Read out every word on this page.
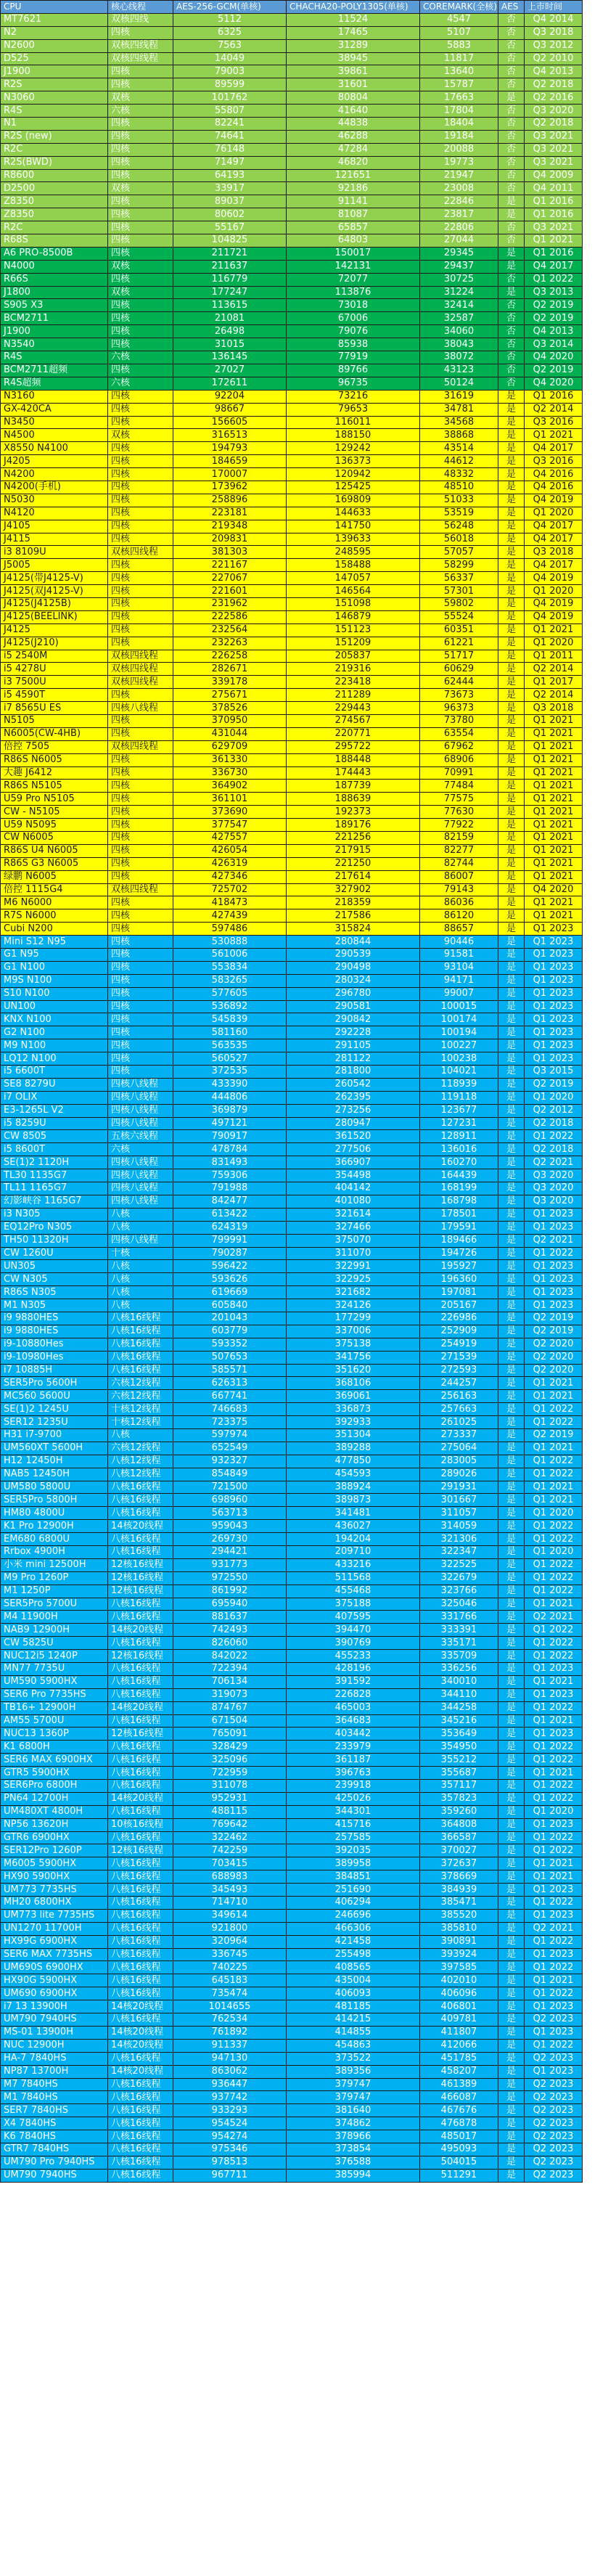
CPU	核心线程	AES-256-GCM(单核)	CHACHA20-POLY1305(单核)	COREMARK(全核)	AES	上市时间
MT7621	双核四线	5112	11524	4547	否	Q4 2014
N2	四核	6325	17465	5107	否	Q3 2018
N2600	双核四线程	7563	31289	5883	否	Q3 2012
D525	双核四线程	14049	38945	11817	否	Q2 2010
J1900	四核	79003	39861	13640	否	Q4 2013
R2S	四核	89599	31601	15787	否	Q2 2018
N3060	双核	101762	80804	17663	是	Q2 2016
R4S	六核	55807	41640	17804	否	Q3 2020
N1	四核	82241	44838	18404	否	Q2 2018
R2S (new)	四核	74641	46288	19184	否	Q3 2021
R2C	四核	76148	47284	20088	否	Q3 2021
R2S(BWD)	四核	71497	46820	19773	否	Q3 2021
R8600	四核	64193	121651	21947	否	Q4 2009
D2500	双核	33917	92186	23008	否	Q4 2011
Z8350	四核	89037	91141	22846	是	Q1 2016
Z8350	四核	80602	81087	23817	是	Q1 2016
R2C	四核	55167	65857	22806	否	Q3 2021
R68S	四核	104825	64803	27044	否	Q1 2021
A6 PRO-8500B	四核	211721	150017	29345	是	Q1 2016
N4000	双核	211637	142131	29437	是	Q4 2017
R66S	四核	116779	72077	30725	否	Q1 2022
J1800	双核	177247	113876	31224	是	Q3 2013
S905 X3	四核	113615	73018	32414	否	Q2 2019
BCM2711	四核	21081	67006	32587	否	Q2 2019
J1900	四核	26498	79076	34060	否	Q4 2013
N3540	四核	31015	85938	38043	否	Q3 2014
R4S	六核	136145	77919	38072	否	Q4 2020
BCM2711超频	四核	27027	89766	43123	否	Q2 2019
R4S超频	六核	172611	96735	50124	否	Q4 2020
N3160	四核	92204	73216	31619	是	Q1 2016
GX-420CA	四核	98667	79653	34781	是	Q2 2014
N3450	四核	156605	116011	34568	是	Q3 2016
N4500	双核	316513	188150	38868	是	Q1 2021
X8550 N4100	四核	194793	129242	43514	是	Q4 2017
J4205	四核	184659	136373	44612	是	Q3 2016
N4200	四核	170007	120942	48332	是	Q4 2016
N4200(手机)	四核	173962	125425	48510	是	Q4 2016
N5030	四核	258896	169809	51033	是	Q4 2019
N4120	四核	223181	144633	53519	是	Q1 2020
J4105	四核	219348	141750	56248	是	Q4 2017
J4115	四核	209831	139633	56018	是	Q4 2017
i3 8109U	双核四线程	381303	248595	57057	是	Q3 2018
J5005	四核	221167	158488	58299	是	Q4 2017
J4125(带J4125-V)	四核	227067	147057	56337	是	Q4 2019
J4125(双J4125-V)	四核	221601	146564	57301	是	Q1 2020
J4125(J4125B)	四核	231962	151098	59802	是	Q4 2019
J4125(BEELINK)	四核	222586	146879	55524	是	Q4 2019
J4125	四核	232564	151123	60351	是	Q1 2021
J4125(J210)	四核	232263	151209	61221	是	Q1 2020
i5 2540M	双核四线程	226258	205837	51717	是	Q1 2011
i5 4278U	双核四线程	282671	219316	60629	是	Q2 2014
i3 7500U	双核四线程	339178	223418	62444	是	Q1 2017
i5 4590T	四核	275671	211289	73673	是	Q2 2014
i7 8565U ES	四核八线程	378526	229443	96373	是	Q3 2018
N5105	四核	370950	274567	73780	是	Q1 2021
N6005(CW-4HB)	四核	431044	220771	63554	是	Q1 2021
倍控 7505	双核四线程	629709	295722	67962	是	Q1 2021
R86S N6005	四核	361330	188448	68906	是	Q1 2021
大趣 J6412	四核	336730	174443	70991	是	Q1 2021
R86S N5105	四核	364902	187739	77484	是	Q1 2021
U59 Pro N5105	四核	361101	188639	77575	是	Q1 2021
CW - N5105	四核	373690	192373	77630	是	Q1 2021
U59 N5095	四核	377547	189176	77922	是	Q1 2021
CW N6005	四核	427557	221256	82159	是	Q1 2021
R86S U4 N6005	四核	426054	217915	82277	是	Q1 2021
R86S G3 N6005	四核	426319	221250	82744	是	Q1 2021
绿鹏 N6005	四核	427346	217614	86007	是	Q1 2021
倍控 1115G4	双核四线程	725702	327902	79143	是	Q4 2020
M6 N6000	四核	418473	218359	86036	是	Q1 2021
R7S N6000	四核	427439	217586	86120	是	Q1 2021
Cubi N200	四核	597486	315824	88657	是	Q1 2023
Mini S12 N95	四核	530888	280844	90446	是	Q1 2023
G1 N95	四核	561006	290539	91581	是	Q1 2023
G1 N100	四核	553834	290498	93104	是	Q1 2023
M9S N100	四核	583265	280324	94171	是	Q1 2023
S10 N100	四核	577605	296780	99007	是	Q1 2023
UN100	四核	536892	290581	100015	是	Q1 2023
KNX N100	四核	545839	290842	100174	是	Q1 2023
G2 N100	四核	581160	292228	100194	是	Q1 2023
M9 N100	四核	563535	291105	100227	是	Q1 2023
LQ12 N100	四核	560527	281122	100238	是	Q1 2023
i5 6600T	四核	372535	281800	104021	是	Q3 2015
SE8 8279U	四核八线程	433390	260542	118939	是	Q2 2019
i7 OLIX	四核八线程	444806	262395	119118	是	Q1 2020
E3-1265L V2	四核八线程	369879	273256	123677	是	Q2 2012
i5 8259U	四核八线程	497121	280947	127231	是	Q2 2018
CW 8505	五核六线程	790917	361520	128911	是	Q1 2022
i5 8600T	六核	478784	277506	136016	是	Q2 2018
SE(1)2 1120H	四核八线程	831493	366907	160270	是	Q2 2021
TL30 1135G7	四核八线程	759306	354498	164439	是	Q3 2020
TL11 1165G7	四核八线程	791988	404142	168199	是	Q3 2020
幻影峡谷 1165G7	四核八线程	842477	401080	168798	是	Q3 2020
i3 N305	八核	613422	321614	178501	是	Q1 2023
EQ12Pro N305	八核	624319	327466	179591	是	Q1 2023
TH50 11320H	四核八线程	799991	375070	189466	是	Q2 2021
CW 1260U	十核	790287	311070	194726	是	Q1 2022
UN305	八核	596422	322991	195927	是	Q1 2023
CW N305	八核	593626	322925	196360	是	Q1 2023
R86S N305	八核	619669	321682	197081	是	Q1 2023
M1 N305	八核	605840	324126	205167	是	Q1 2023
i9 9880HES	八核16线程	201043	177299	226986	是	Q2 2019
i9 9880HES	八核16线程	603779	337006	252909	是	Q2 2019
i9-10880Hes	八核16线程	593352	375138	254919	是	Q2 2020
i9-10980Hes	八核16线程	507653	341756	271539	是	Q2 2020
i7 10885H	八核16线程	585571	351620	272593	是	Q2 2020
SER5Pro 5600H	六核12线程	626313	368106	244257	是	Q1 2021
MC560 5600U	六核12线程	667741	369061	256163	是	Q1 2021
SE(1)2 1245U	十核12线程	746683	336873	257663	是	Q1 2022
SER12 1235U	十核12线程	723375	392933	261025	是	Q1 2022
H31 i7-9700	八核	597974	351304	273337	是	Q2 2019
UM560XT 5600H	六核12线程	652549	389288	275064	是	Q1 2021
H12 12450H	八核12线程	932327	477850	283005	是	Q1 2022
NAB5 12450H	八核12线程	854849	454593	289026	是	Q1 2022
UM580 5800U	八核16线程	721500	388924	291931	是	Q1 2021
SER5Pro 5800H	八核16线程	698960	389873	301667	是	Q1 2021
HM80 4800U	八核16线程	563713	341481	311057	是	Q1 2020
K1 Pro 12900H	14核20线程	959043	436027	314059	是	Q1 2022
EM680 6800U	八核16线程	269730	194204	321306	是	Q1 2022
Rrbox 4900H	八核16线程	294421	209710	322347	是	Q1 2020
小米 mini 12500H	12核16线程	931773	433216	322525	是	Q1 2022
M9 Pro 1260P	12核16线程	972550	511568	322679	是	Q1 2022
M1 1250P	12核16线程	861992	455468	323766	是	Q1 2022
SER5Pro 5700U	八核16线程	695940	375188	325046	是	Q1 2021
M4 11900H	八核16线程	881637	407595	331766	是	Q2 2021
NAB9 12900H	14核20线程	742493	394470	333391	是	Q1 2022
CW 5825U	八核16线程	826060	390769	335171	是	Q1 2022
NUC12i5 1240P	12核16线程	842022	455233	335709	是	Q1 2022
MN77 7735U	八核16线程	722394	428196	336256	是	Q1 2023
UM590 5900HX	八核16线程	706134	391592	340010	是	Q1 2021
SER6 Pro 7735HS	八核16线程	319073	226828	344110	是	Q1 2023
TB16+ 12900H	14核20线程	874767	465003	344258	是	Q1 2022
AM55 5700U	八核16线程	671504	364683	345216	是	Q1 2021
NUC13 1360P	12核16线程	765091	403442	353649	是	Q1 2023
K1 6800H	八核16线程	328429	233979	354950	是	Q1 2022
SER6 MAX 6900HX	八核16线程	325096	361187	355212	是	Q1 2022
GTR5 5900HX	八核16线程	722959	396763	355687	是	Q1 2021
SER6Pro 6800H	八核16线程	311078	239918	357117	是	Q1 2022
PN64 12700H	14核20线程	952931	425026	357823	是	Q1 2022
UM480XT 4800H	八核16线程	488115	344301	359260	是	Q1 2020
NP56 13620H	10核16线程	769642	415716	364808	是	Q1 2023
GTR6 6900HX	八核16线程	322462	257585	366587	是	Q1 2022
SER12Pro 1260P	12核16线程	742259	392035	370027	是	Q1 2022
M6005 5900HX	八核16线程	703415	389958	372637	是	Q1 2021
HX90 5900HX	八核16线程	688983	384851	378669	是	Q1 2021
UM773 7735HS	八核16线程	345493	251690	384939	是	Q1 2023
MH20 6800HX	八核16线程	714710	406294	385471	是	Q1 2022
UM773 lite 7735HS	八核16线程	349614	246696	385520	是	Q1 2023
UN1270 11700H	八核16线程	921800	466306	385810	是	Q2 2021
HX99G 6900HX	八核16线程	320964	421458	390891	是	Q1 2022
SER6 MAX 7735HS	八核16线程	336745	255498	393924	是	Q1 2023
UM690S 6900HX	八核16线程	740225	408565	397585	是	Q1 2022
HX90G 5900HX	八核16线程	645183	435004	402010	是	Q1 2021
UM690 6900HX	八核16线程	735474	406093	406096	是	Q1 2022
i7 13 13900H	14核20线程	1014655	481185	406801	是	Q1 2023
UM790 7940HS	八核16线程	762534	414215	409781	是	Q2 2023
MS-01 13900H	14核20线程	761892	414855	411807	是	Q1 2023
NUC 12900H	14核20线程	911337	454863	412066	是	Q1 2022
HA-7 7840HS	八核16线程	947130	373522	451785	是	Q2 2023
NP87 13700H	14核20线程	863062	389356	458207	是	Q1 2023
M7 7840HS	八核16线程	936447	379747	461389	是	Q2 2023
M1 7840HS	八核16线程	937742	379747	466087	是	Q2 2023
SER7 7840HS	八核16线程	933293	381640	467676	是	Q2 2023
X4 7840HS	八核16线程	954524	374862	476878	是	Q2 2023
K6 7840HS	八核16线程	954274	378966	485017	是	Q2 2023
GTR7 7840HS	八核16线程	975346	373854	495093	是	Q2 2023
UM790 Pro 7940HS	八核16线程	978513	376588	504015	是	Q2 2023
UM790 7940HS	八核16线程	967711	385994	511291	是	Q2 2023
